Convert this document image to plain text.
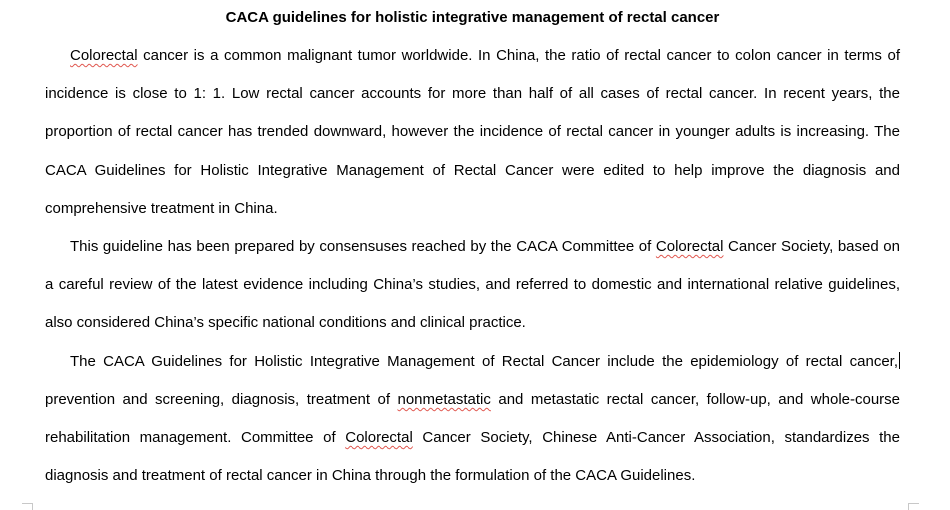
CACA guidelines for holistic integrative management of rectal cancer

Colorectal cancer is a common malignant tumor worldwide. In China, the ratio of rectal cancer to colon cancer in terms of incidence is close to 1: 1. Low rectal cancer accounts for more than half of all cases of rectal cancer. In recent years, the proportion of rectal cancer has trended downward, however the incidence of rectal cancer in younger adults is increasing. The CACA Guidelines for Holistic Integrative Management of Rectal Cancer were edited to help improve the diagnosis and comprehensive treatment in China.

This guideline has been prepared by consensuses reached by the CACA Committee of Colorectal Cancer Society, based on a careful review of the latest evidence including China’s studies, and referred to domestic and international relative guidelines, also considered China’s specific national conditions and clinical practice.

The CACA Guidelines for Holistic Integrative Management of Rectal Cancer include the epidemiology of rectal cancer, prevention and screening, diagnosis, treatment of nonmetastatic and metastatic rectal cancer, follow-up, and whole-course rehabilitation management. Committee of Colorectal Cancer Society, Chinese Anti-Cancer Association, standardizes the diagnosis and treatment of rectal cancer in China through the formulation of the CACA Guidelines.
